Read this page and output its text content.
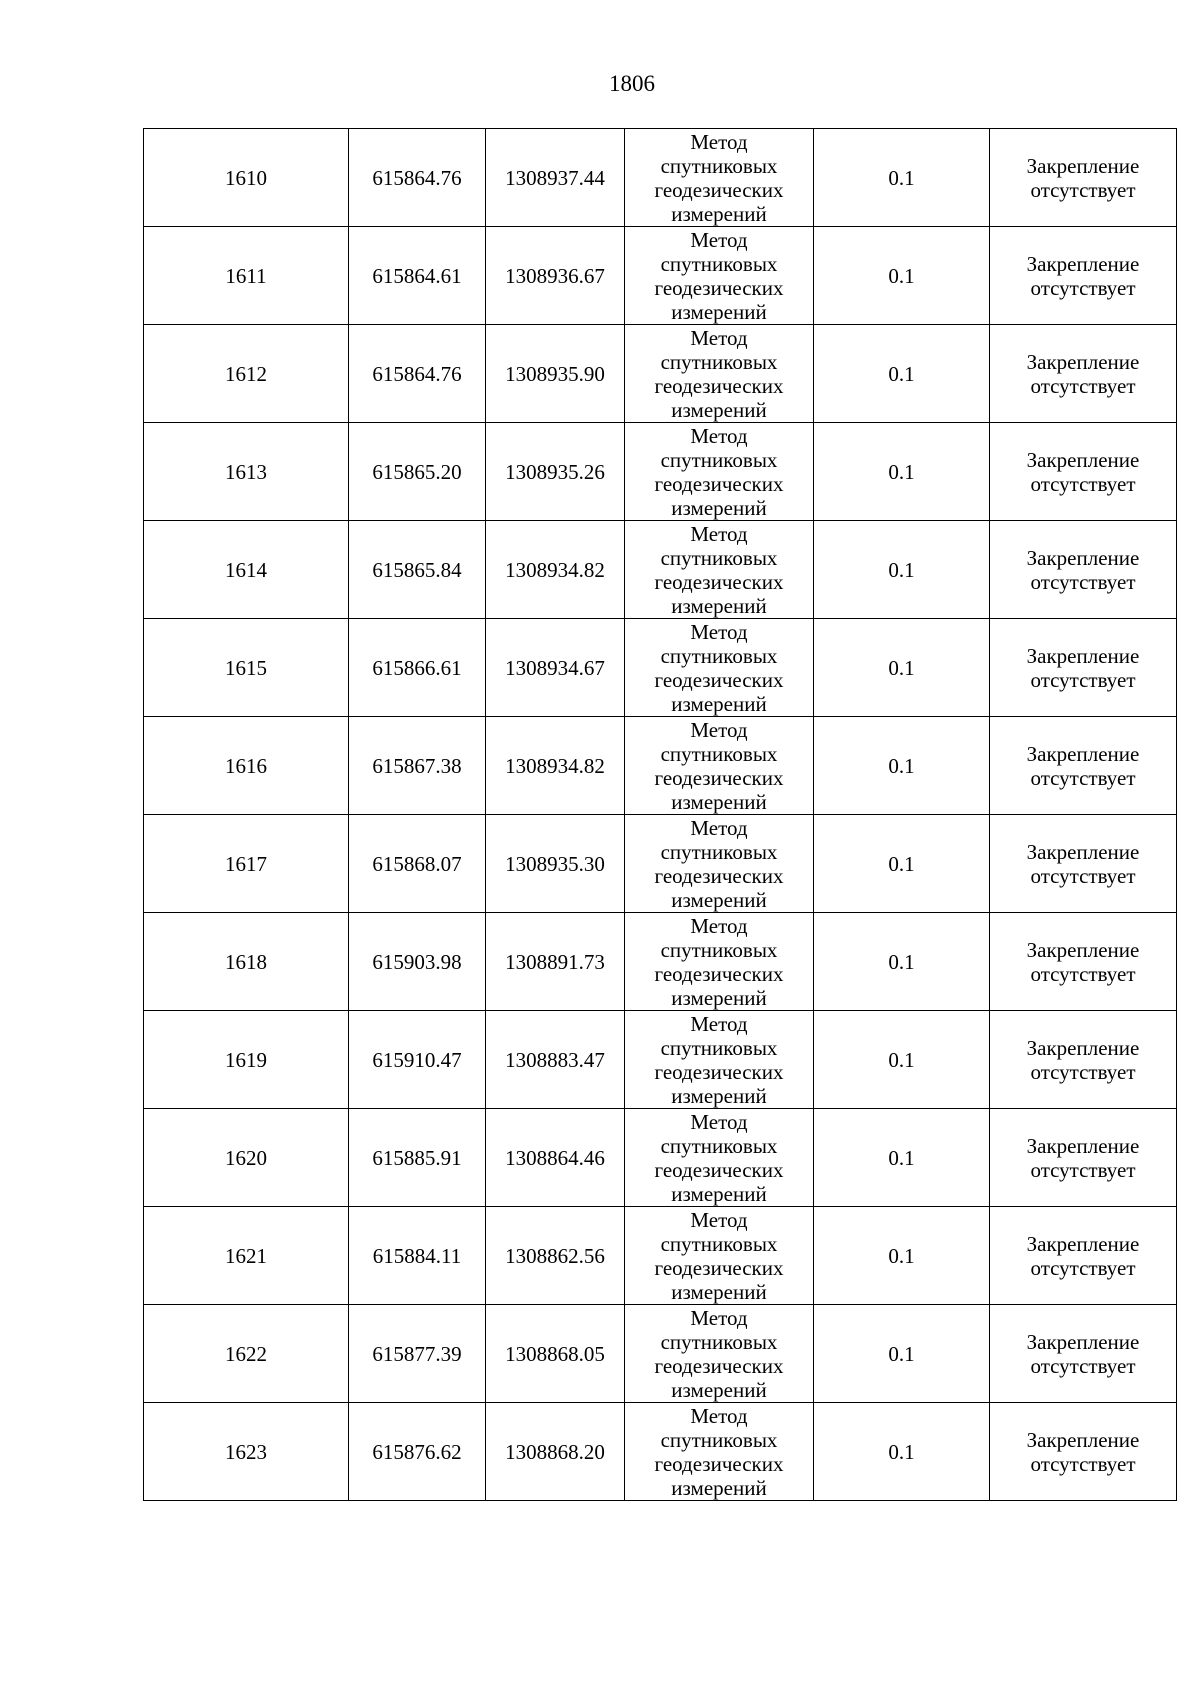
1806
1610	615864.76	1308937.44	Метод спутниковых геодезических измерений	0.1	Закрепление отсутствует
1611	615864.61	1308936.67	Метод спутниковых геодезических измерений	0.1	Закрепление отсутствует
1612	615864.76	1308935.90	Метод спутниковых геодезических измерений	0.1	Закрепление отсутствует
1613	615865.20	1308935.26	Метод спутниковых геодезических измерений	0.1	Закрепление отсутствует
1614	615865.84	1308934.82	Метод спутниковых геодезических измерений	0.1	Закрепление отсутствует
1615	615866.61	1308934.67	Метод спутниковых геодезических измерений	0.1	Закрепление отсутствует
1616	615867.38	1308934.82	Метод спутниковых геодезических измерений	0.1	Закрепление отсутствует
1617	615868.07	1308935.30	Метод спутниковых геодезических измерений	0.1	Закрепление отсутствует
1618	615903.98	1308891.73	Метод спутниковых геодезических измерений	0.1	Закрепление отсутствует
1619	615910.47	1308883.47	Метод спутниковых геодезических измерений	0.1	Закрепление отсутствует
1620	615885.91	1308864.46	Метод спутниковых геодезических измерений	0.1	Закрепление отсутствует
1621	615884.11	1308862.56	Метод спутниковых геодезических измерений	0.1	Закрепление отсутствует
1622	615877.39	1308868.05	Метод спутниковых геодезических измерений	0.1	Закрепление отсутствует
1623	615876.62	1308868.20	Метод спутниковых геодезических измерений	0.1	Закрепление отсутствует
